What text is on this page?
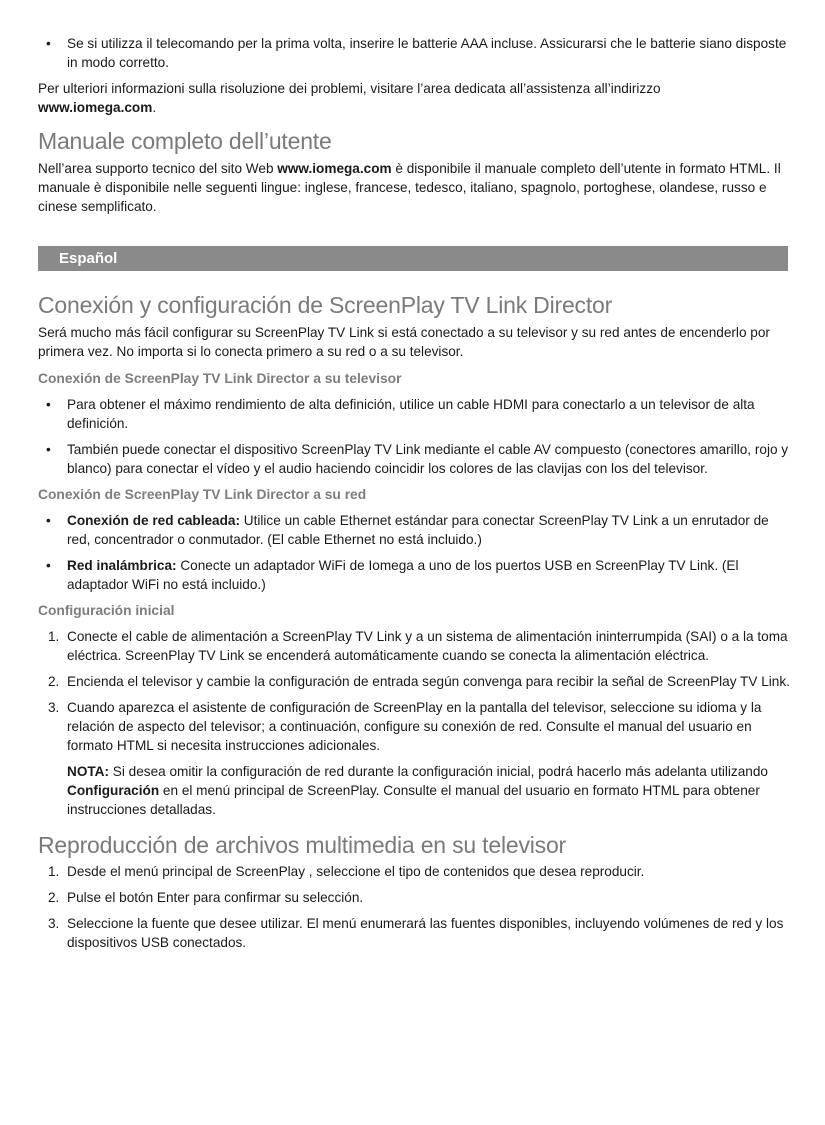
• Se si utilizza il telecomando per la prima volta, inserire le batterie AAA incluse. Assicurarsi che le batterie siano disposte in modo corretto.

Per ulteriori informazioni sulla risoluzione dei problemi, visitare l’area dedicata all’assistenza all’indirizzo
www.iomega.com.

Manuale completo dell’utente

Nell’area supporto tecnico del sito Web www.iomega.com è disponibile il manuale completo dell’utente in formato HTML. Il manuale è disponibile nelle seguenti lingue: inglese, francese, tedesco, italiano, spagnolo, portoghese, olandese, russo e cinese semplificato.

Español
Conexión y configuración de ScreenPlay TV Link Director

Será mucho más fácil configurar su ScreenPlay TV Link si está conectado a su televisor y su red antes de encenderlo por primera vez. No importa si lo conecta primero a su red o a su televisor.

Conexión de ScreenPlay TV Link Director a su televisor
• Para obtener el máximo rendimiento de alta definición, utilice un cable HDMI para conectarlo a un televisor de alta definición.
• También puede conectar el dispositivo ScreenPlay TV Link mediante el cable AV compuesto (conectores amarillo, rojo y blanco) para conectar el vídeo y el audio haciendo coincidir los colores de las clavijas con los del televisor.
Conexión de ScreenPlay TV Link Director a su red
• Conexión de red cableada: Utilice un cable Ethernet estándar para conectar ScreenPlay TV Link a un enrutador de red, concentrador o conmutador. (El cable Ethernet no está incluido.)
• Red inalámbrica: Conecte un adaptador WiFi de Iomega a uno de los puertos USB en ScreenPlay TV Link. (El adaptador WiFi no está incluido.)
Configuración inicial
1. Conecte el cable de alimentación a ScreenPlay TV Link y a un sistema de alimentación ininterrumpida (SAI) o a la toma eléctrica. ScreenPlay TV Link se encenderá automáticamente cuando se conecta la alimentación eléctrica.
2. Encienda el televisor y cambie la configuración de entrada según convenga para recibir la señal de ScreenPlay TV Link.
3. Cuando aparezca el asistente de configuración de ScreenPlay en la pantalla del televisor, seleccione su idioma y la relación de aspecto del televisor; a continuación, configure su conexión de red. Consulte el manual del usuario en formato HTML si necesita instrucciones adicionales.

NOTA: Si desea omitir la configuración de red durante la configuración inicial, podrá hacerlo más adelanta utilizando Configuración en el menú principal de ScreenPlay. Consulte el manual del usuario en formato HTML para obtener instrucciones detalladas.

Reproducción de archivos multimedia en su televisor
1. Desde el menú principal de ScreenPlay , seleccione el tipo de contenidos que desea reproducir.
2. Pulse el botón Enter para confirmar su selección.
3. Seleccione la fuente que desee utilizar. El menú enumerará las fuentes disponibles, incluyendo volúmenes de red y los dispositivos USB conectados.
